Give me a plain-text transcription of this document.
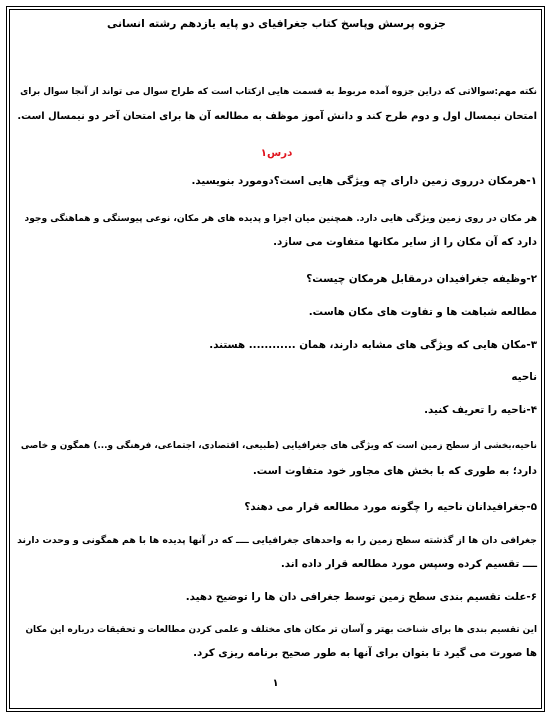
جزوه پرسش وپاسخ کتاب جغرافیای دو پایه یازدهم رشته انسانی

نکته مهم:سوالاتی که دراین جزوه آمده مربوط به قسمت هایی ازکتاب است که طراح سوال می تواند از آنجا سوال برای

امتحان نیمسال اول و دوم طرح کند و دانش آموز موظف به مطالعه آن ها برای امتحان آخر دو نیمسال است.

درس۱

۱-هرمکان درروی زمین دارای چه ویژگی هایی است؟دومورد بنویسید.

هر مکان در روی زمین ویژگی هایی دارد. همچنین میان اجزا و پدیده های هر مکان، نوعی پیوستگی و هماهنگی وجود

دارد که آن مکان را از سایر مکانها متفاوت می سازد.

۲-وظیفه جغرافیدان درمقابل هرمکان چیست؟

مطالعه شباهت ها و تفاوت های مکان هاست.

۳-مکان هایی که ویژگی های مشابه دارند، همان ............ هستند.

ناحیه

۴-ناحیه را تعریف کنید.

ناحیه،بخشی از سطح زمین است که ویژگی های جغرافیایی (طبیعی، اقتصادی، اجتماعی، فرهنگی و...) همگون و خاصی

دارد؛ به طوری که با بخش های مجاور خود متفاوت است.

۵-جغرافیدانان ناحیه را چگونه مورد مطالعه قرار می دهند؟

جغرافی دان ها از گذشته سطح زمین را به واحدهای جغرافیایی ــــ که در آنها پدیده ها با هم همگونی و وحدت دارند

ــــ تقسیم کرده وسپس مورد مطالعه قرار داده اند.

۶-علت تقسیم بندی سطح زمین توسط جغرافی دان ها را توضیح دهید.

این تقسیم بندی ها برای شناخت بهتر و آسان تر مکان های مختلف و علمی کردن مطالعات و تحقیقات درباره این مکان

ها صورت می گیرد تا بتوان برای آنها به طور صحیح برنامه ریزی کرد.

۱
